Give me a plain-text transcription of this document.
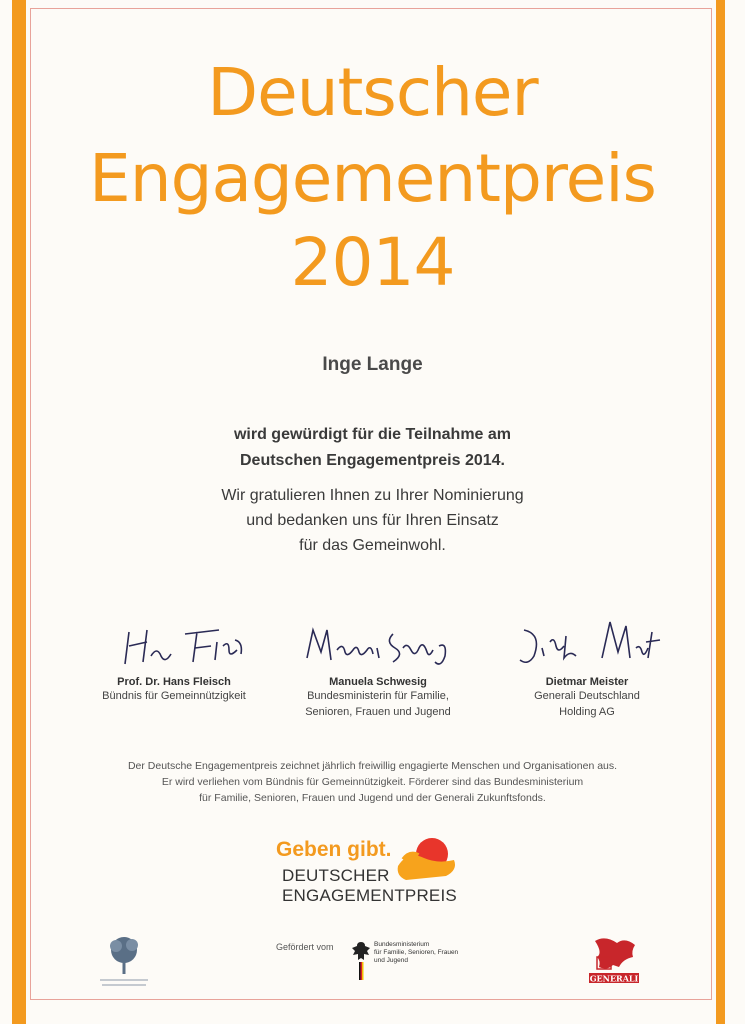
Deutscher
Engagementpreis
2014
Inge Lange
wird gewürdigt für die Teilnahme am
Deutschen Engagementpreis 2014.
Wir gratulieren Ihnen zu Ihrer Nominierung
und bedanken uns für Ihren Einsatz
für das Gemeinwohl.
Prof. Dr. Hans Fleisch
Bündnis für Gemeinnützigkeit
Manuela Schwesig
Bundesministerin für Familie,
Senioren, Frauen und Jugend
Dietmar Meister
Generali Deutschland
Holding AG
Der Deutsche Engagementpreis zeichnet jährlich freiwillig engagierte Menschen und Organisationen aus.
Er wird verliehen vom Bündnis für Gemeinnützigkeit. Förderer sind das Bundesministerium
für Familie, Senioren, Frauen und Jugend und der Generali Zukunftsfonds.
Geben gibt.
DEUTSCHER
ENGAGEMENTPREIS
Gefördert vom	Bundesministerium
für Familie, Senioren, Frauen
und Jugend
GENERALI
